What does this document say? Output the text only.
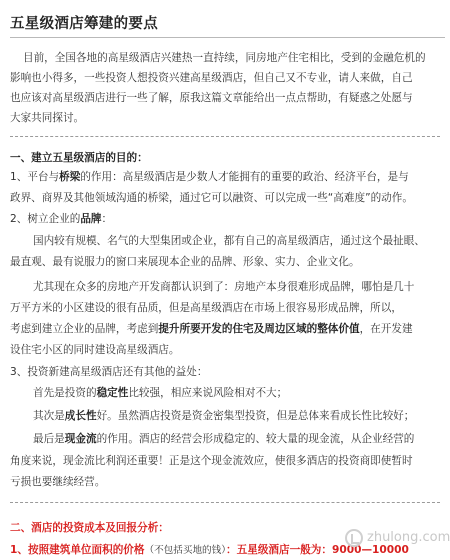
五星级酒店筹建的要点
目前，全国各地的高星级酒店兴建热一直持续，同房地产住宅相比，受到的金融危机的
影响也小得多，一些投资人想投资兴建高星级酒店，但自己又不专业，请人来做，自己
也应该对高星级酒店进行一些了解，原我这篇文章能给出一点点帮助，有疑惑之处愿与
大家共同探讨。
一、建立五星级酒店的目的：
1、平台与桥梁的作用：高星级酒店是少数人才能拥有的重要的政治、经济平台，是与
政界、商界及其他领域沟通的桥梁，通过它可以融资、可以完成一些“高难度”的动作。
2、树立企业的品牌：
国内较有规模、名气的大型集团或企业，都有自己的高星级酒店，通过这个最扯眼、
最直观、最有说服力的窗口来展现本企业的品牌、形象、实力、企业文化。
尤其现在众多的房地产开发商都认识到了：房地产本身很难形成品牌，哪怕是几十
万平方米的小区建设的很有品质，但是高星级酒店在市场上很容易形成品牌，所以，
考虑到建立企业的品牌，考虑到提升所要开发的住宅及周边区域的整体价值，在开发建
设住宅小区的同时建设高星级酒店。
3、投资新建高星级酒店还有其他的益处：
首先是投资的稳定性比较强，相应来说风险相对不大；
其次是成长性好。虽然酒店投资是资金密集型投资，但是总体来看成长性比较好；
最后是现金流的作用。酒店的经营会形成稳定的、较大量的现金流，从企业经营的
角度来说，现金流比利润还重要！正是这个现金流效应，使很多酒店的投资商即使暂时
亏损也要继续经营。
二、酒店的投资成本及回报分析：
1、按照建筑单位面积的价格（不包括买地的钱）：五星级酒店一般为：9000—10000
zhulong.com
